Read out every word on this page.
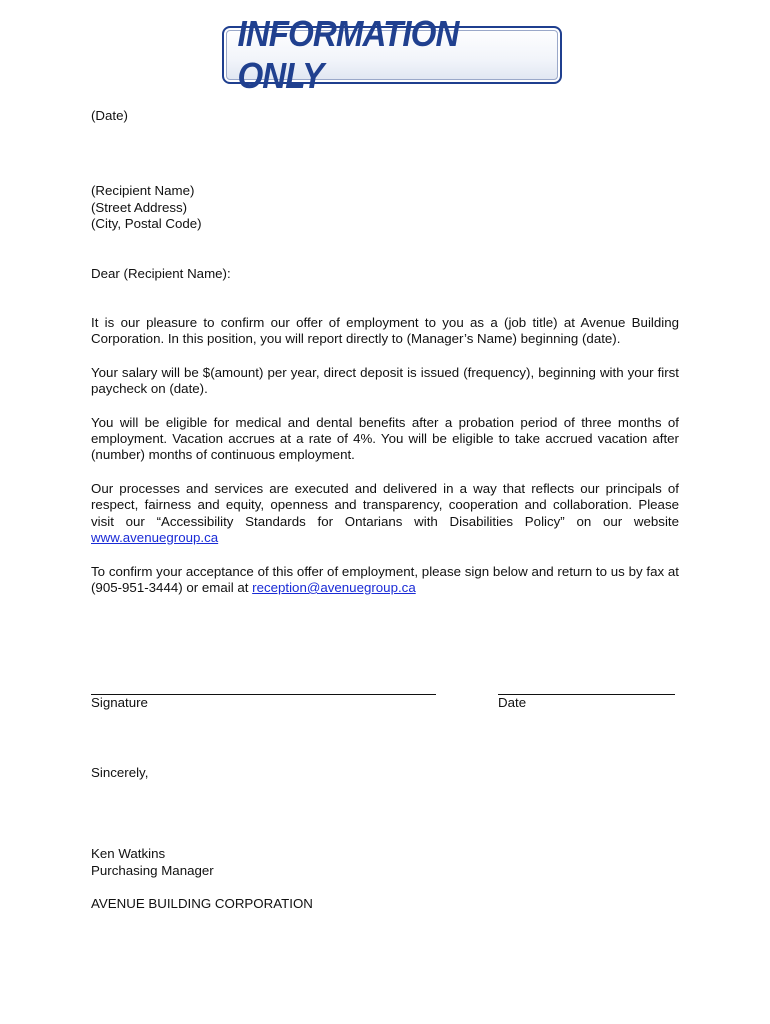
INFORMATION ONLY

(Date)

(Recipient Name)

(Street Address)

(City, Postal Code)

Dear (Recipient Name):

It is our pleasure to confirm our offer of employment to you as a (job title) at Avenue Building Corporation. In this position, you will report directly to (Manager’s Name) beginning (date).

Your salary will be $(amount) per year, direct deposit is issued (frequency), beginning with your first paycheck on (date).

You will be eligible for medical and dental benefits after a probation period of three months of employment. Vacation accrues at a rate of 4%. You will be eligible to take accrued vacation after (number) months of continuous employment.

Our processes and services are executed and delivered in a way that reflects our principals of respect, fairness and equity, openness and transparency, cooperation and collaboration. Please visit our “Accessibility Standards for Ontarians with Disabilities Policy” on our website www.avenuegroup.ca

To confirm your acceptance of this offer of employment, please sign below and return to us by fax at (905-951-3444) or email at reception@avenuegroup.ca

Signature	Date

Sincerely,

Ken Watkins

Purchasing Manager

AVENUE BUILDING CORPORATION
